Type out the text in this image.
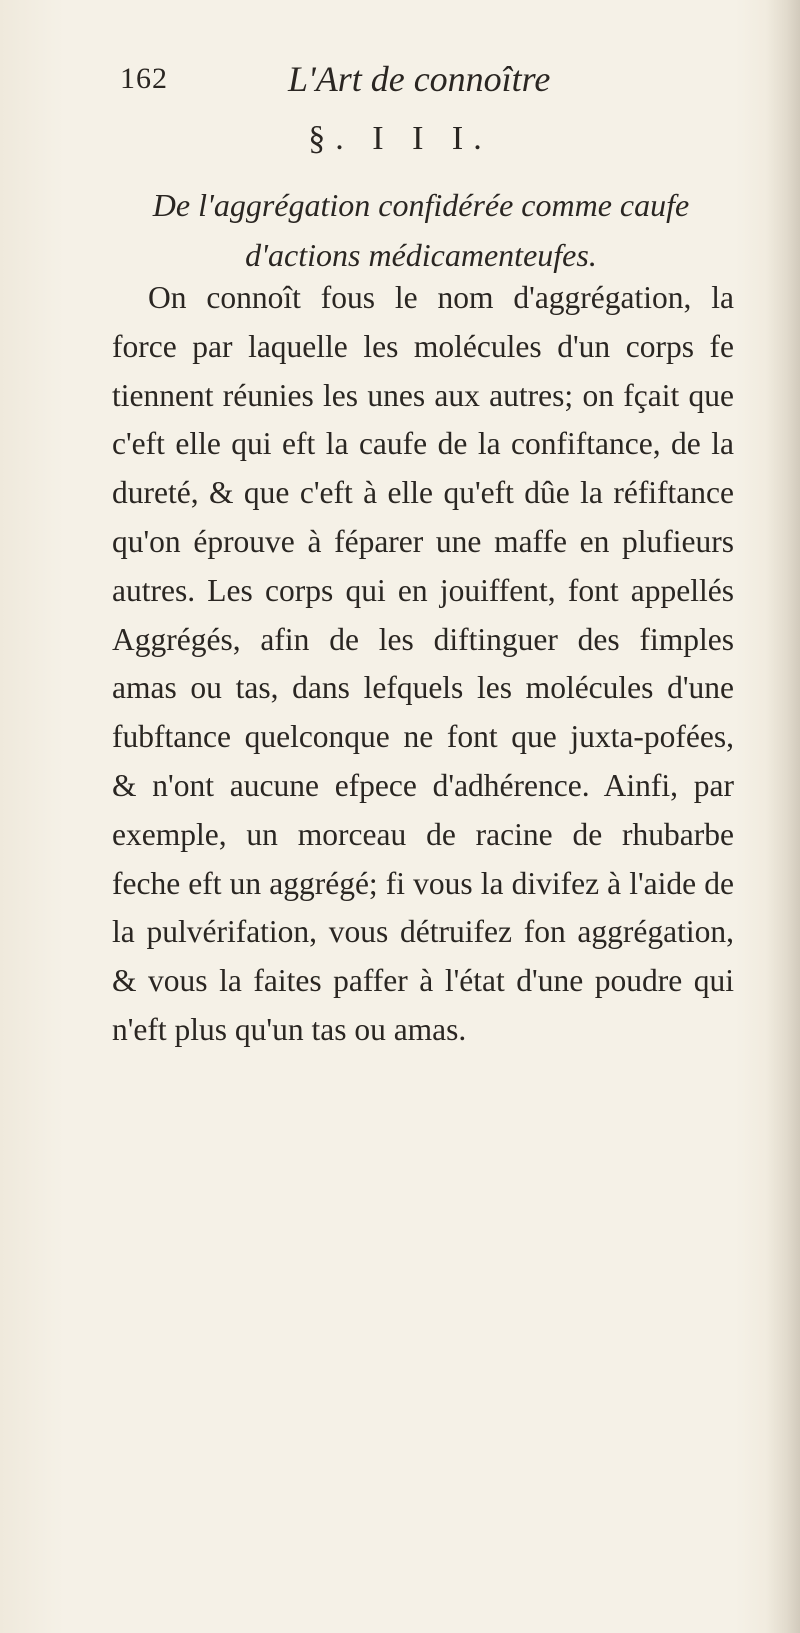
162	L'Art de connoître
§. I I I.
De l'aggrégation confidérée comme caufe d'actions médicamenteufes.

On connoît fous le nom d'aggrégation, la force par laquelle les molécules d'un corps fe tiennent réunies les unes aux autres; on fçait que c'eft elle qui eft la caufe de la confiftance, de la dureté, & que c'eft à elle qu'eft dûe la réfiftance qu'on éprouve à féparer une maffe en plufieurs autres. Les corps qui en jouiffent, font appellés Aggrégés, afin de les diftinguer des fimples amas ou tas, dans lefquels les molécules d'une fubftance quelconque ne font que juxta-pofées, & n'ont aucune efpece d'adhérence. Ainfi, par exemple, un morceau de racine de rhubarbe feche eft un aggrégé; fi vous la divifez à l'aide de la pulvérifation, vous détruifez fon aggrégation, & vous la faites paffer à l'état d'une poudre qui n'eft plus qu'un tas ou amas.
